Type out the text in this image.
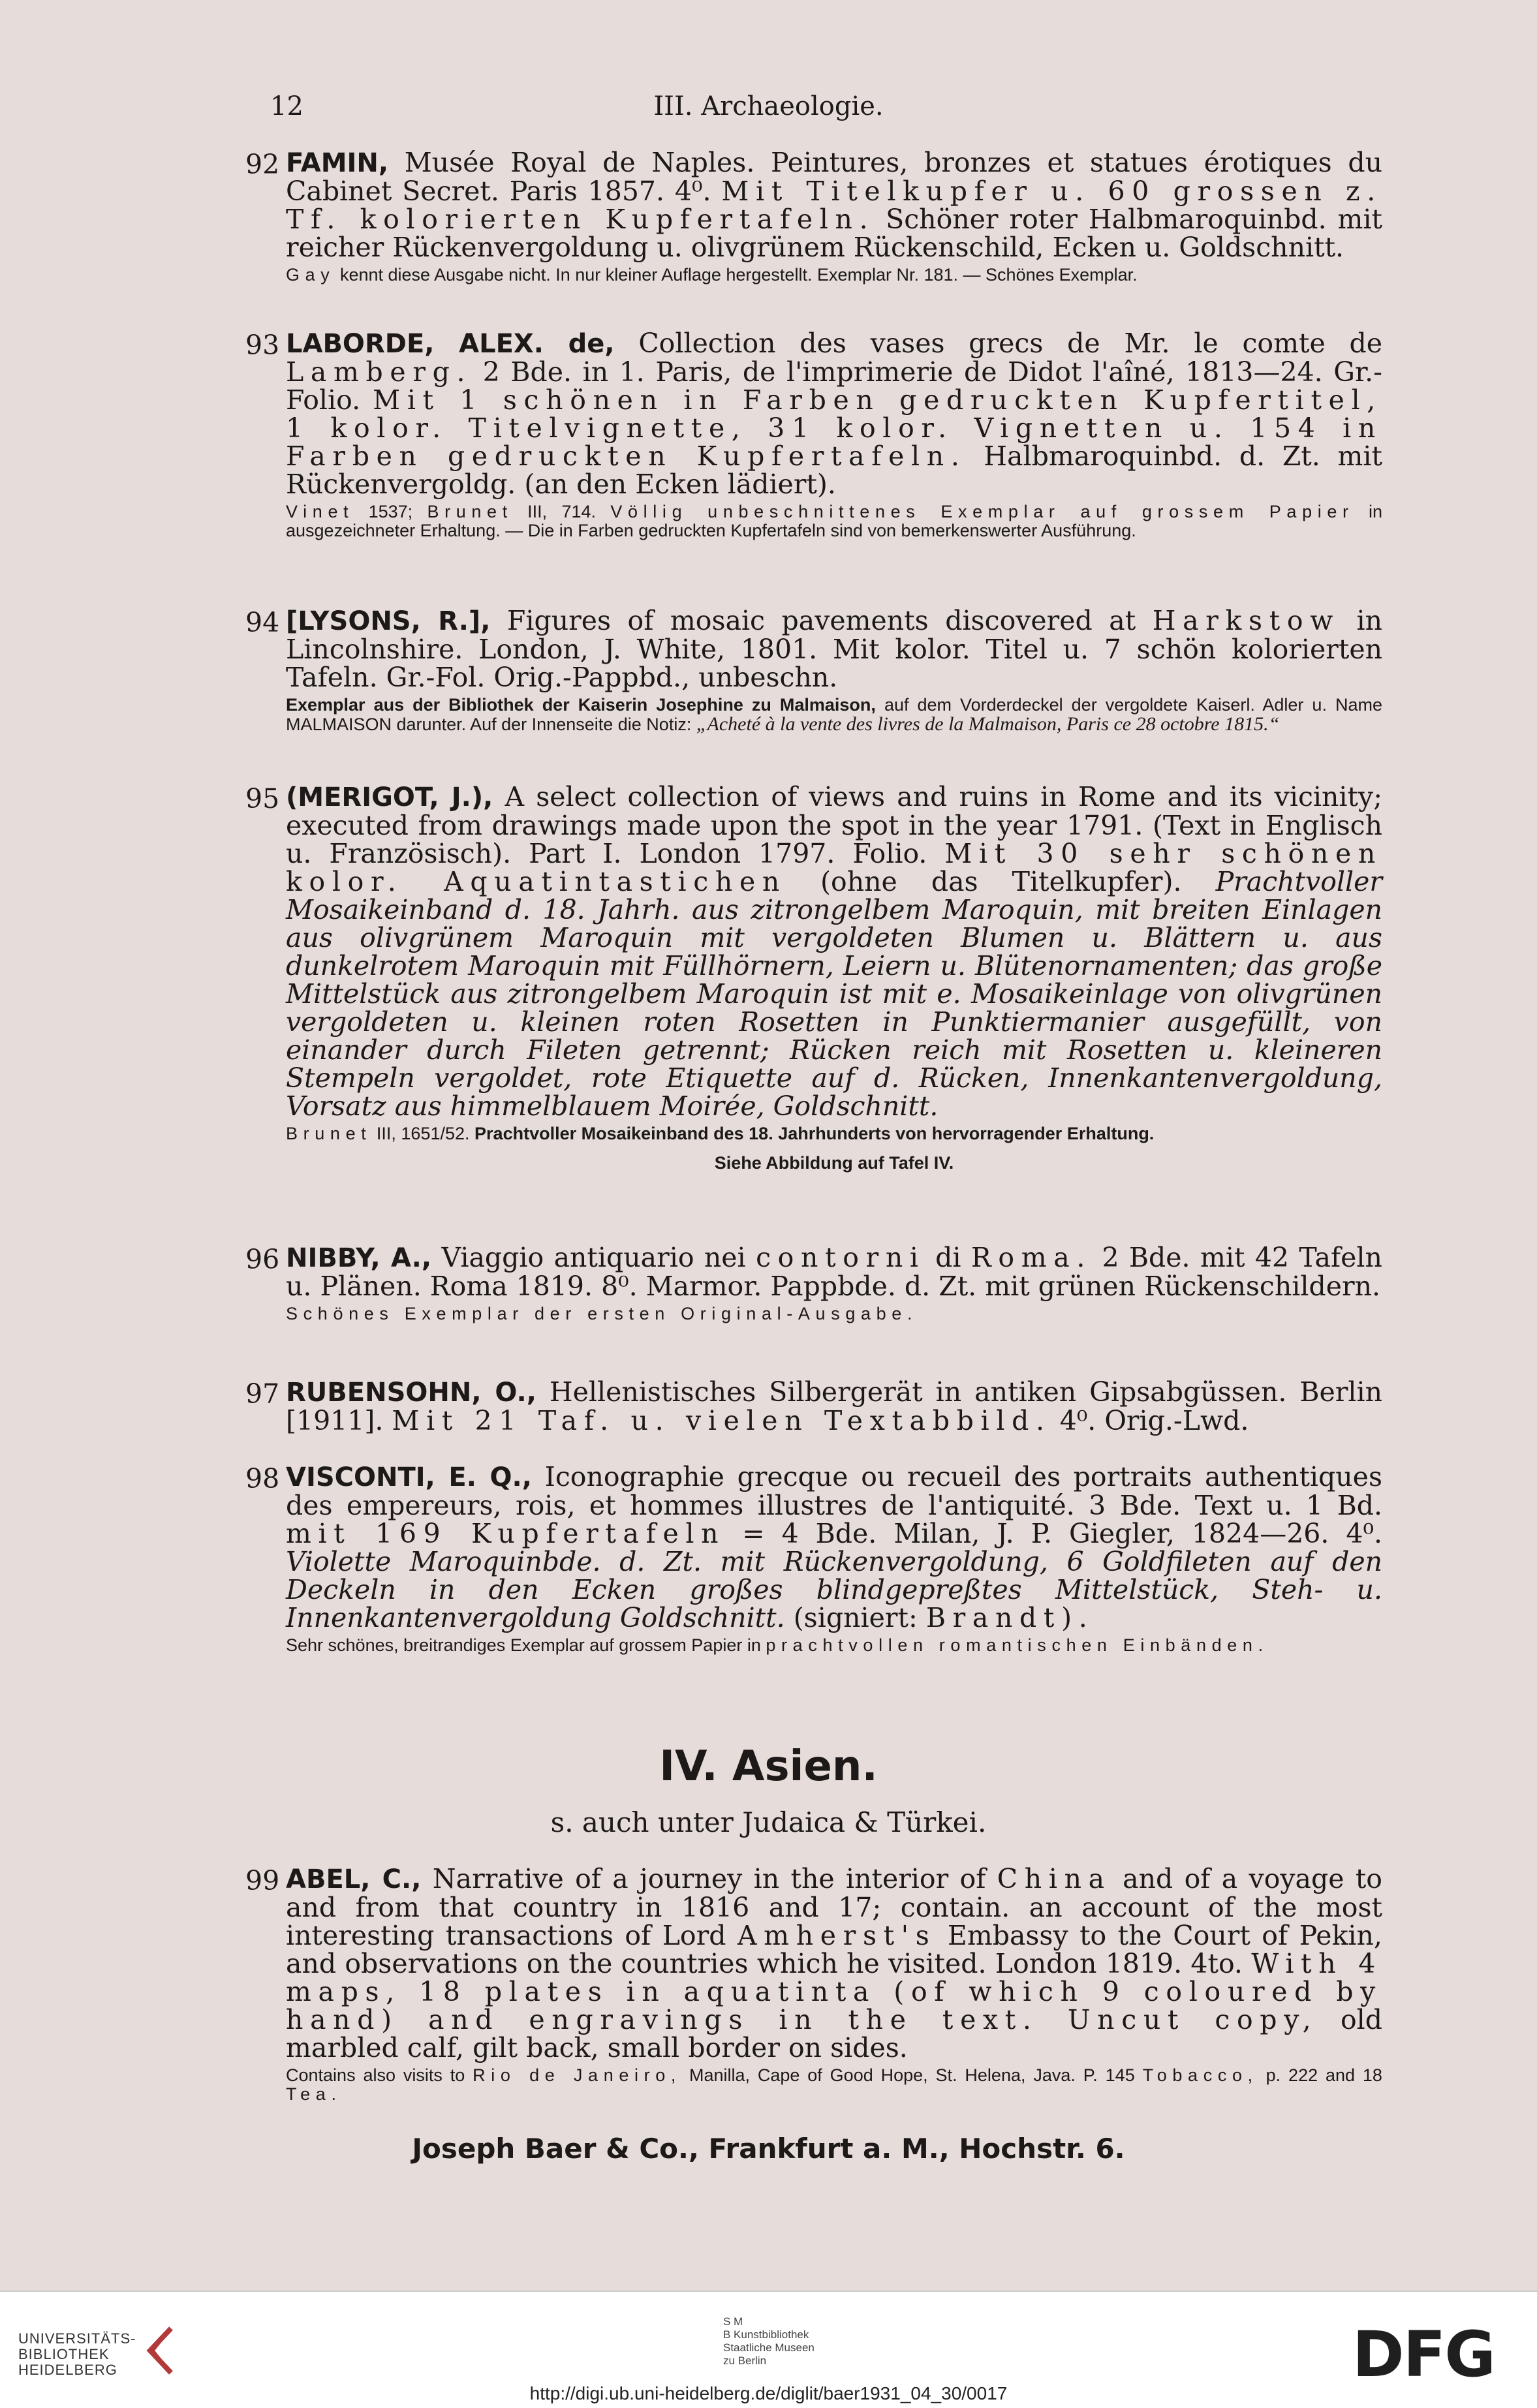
12	III. Archaeologie.
92 FAMIN, Musée Royal de Naples. Peintures, bronzes et statues érotiques du Cabinet Secret. Paris 1857. 4⁰. Mit Titelkupfer u. 60 grossen z. Tf. kolorierten Kupfertafeln. Schöner roter Halbmaroquinbd. mit reicher Rückenvergoldung u. olivgrünem Rückenschild, Ecken u. Goldschnitt.
Gay kennt diese Ausgabe nicht. In nur kleiner Auflage hergestellt. Exemplar Nr. 181. — Schönes Exemplar.
93 LABORDE, ALEX. de, Collection des vases grecs de Mr. le comte de Lamberg. 2 Bde. in 1. Paris, de l'imprimerie de Didot l'aîné, 1813—24. Gr.-Folio. Mit 1 schönen in Farben gedruckten Kupfertitel, 1 kolor. Titelvignette, 31 kolor. Vignetten u. 154 in Farben gedruckten Kupfertafeln. Halbmaroquinbd. d. Zt. mit Rückenvergoldg. (an den Ecken lädiert).
Vinet 1537; Brunet III, 714. Völlig unbeschnittenes Exemplar auf grossem Papier in ausgezeichneter Erhaltung. — Die in Farben gedruckten Kupfertafeln sind von bemerkenswerter Ausführung.
94 [LYSONS, R.], Figures of mosaic pavements discovered at Harkstow in Lincolnshire. London, J. White, 1801. Mit kolor. Titel u. 7 schön kolorierten Tafeln. Gr.-Fol. Orig.-Pappbd., unbeschn.
Exemplar aus der Bibliothek der Kaiserin Josephine zu Malmaison, auf dem Vorderdeckel der vergoldete Kaiserl. Adler u. Name MALMAISON darunter. Auf der Innenseite die Notiz: „Acheté à la vente des livres de la Malmaison, Paris ce 28 octobre 1815.“
95 (MERIGOT, J.), A select collection of views and ruins in Rome and its vicinity; executed from drawings made upon the spot in the year 1791. (Text in Englisch u. Französisch). Part I. London 1797. Folio. Mit 30 sehr schönen kolor. Aquatintastichen (ohne das Titelkupfer). Prachtvoller Mosaikeinband d. 18. Jahrh. aus zitrongelbem Maroquin, mit breiten Einlagen aus olivgrünem Maroquin mit vergoldeten Blumen u. Blättern u. aus dunkelrotem Maroquin mit Füllhörnern, Leiern u. Blütenornamenten; das große Mittelstück aus zitrongelbem Maroquin ist mit e. Mosaikeinlage von olivgrünen vergoldeten u. kleinen roten Rosetten in Punktiermanier ausgefüllt, von einander durch Fileten getrennt; Rücken reich mit Rosetten u. kleineren Stempeln vergoldet, rote Etiquette auf d. Rücken, Innenkantenvergoldung, Vorsatz aus himmelblauem Moirée, Goldschnitt.
Brunet III, 1651/52. Prachtvoller Mosaikeinband des 18. Jahrhunderts von hervorragender Erhaltung.
Siehe Abbildung auf Tafel IV.
96 NIBBY, A., Viaggio antiquario nei contorni di Roma. 2 Bde. mit 42 Tafeln u. Plänen. Roma 1819. 8⁰. Marmor. Pappbde. d. Zt. mit grünen Rückenschildern.
Schönes Exemplar der ersten Original-Ausgabe.
97 RUBENSOHN, O., Hellenistisches Silbergerät in antiken Gipsabgüssen. Berlin [1911]. Mit 21 Taf. u. vielen Textabbild. 4⁰. Orig.-Lwd.
98 VISCONTI, E. Q., Iconographie grecque ou recueil des portraits authentiques des empereurs, rois, et hommes illustres de l'antiquité. 3 Bde. Text u. 1 Bd. mit 169 Kupfertafeln = 4 Bde. Milan, J. P. Giegler, 1824—26. 4⁰. Violette Maroquinbde. d. Zt. mit Rückenvergoldung, 6 Goldfileten auf den Deckeln in den Ecken großes blindgepreßtes Mittelstück, Steh- u. Innenkantenvergoldung Goldschnitt. (signiert: Brandt).
Sehr schönes, breitrandiges Exemplar auf grossem Papier in prachtvollen romantischen Einbänden.
IV. Asien.
s. auch unter Judaica & Türkei.
99 ABEL, C., Narrative of a journey in the interior of China and of a voyage to and from that country in 1816 and 17; contain. an account of the most interesting transactions of Lord Amherst's Embassy to the Court of Pekin, and observations on the countries which he visited. London 1819. 4to. With 4 maps, 18 plates in aquatinta (of which 9 coloured by hand) and engravings in the text. Uncut copy, old marbled calf, gilt back, small border on sides.
Contains also visits to Rio de Janeiro, Manilla, Cape of Good Hope, St. Helena, Java. P. 145 Tobacco, p. 222 and 18 Tea.
Joseph Baer & Co., Frankfurt a. M., Hochstr. 6.
UNIVERSITÄTS-
BIBLIOTHEK
HEIDELBERG
S M
B Kunstbibliothek
Staatliche Museen
zu Berlin	DFG
http://digi.ub.uni-heidelberg.de/diglit/baer1931_04_30/0017
